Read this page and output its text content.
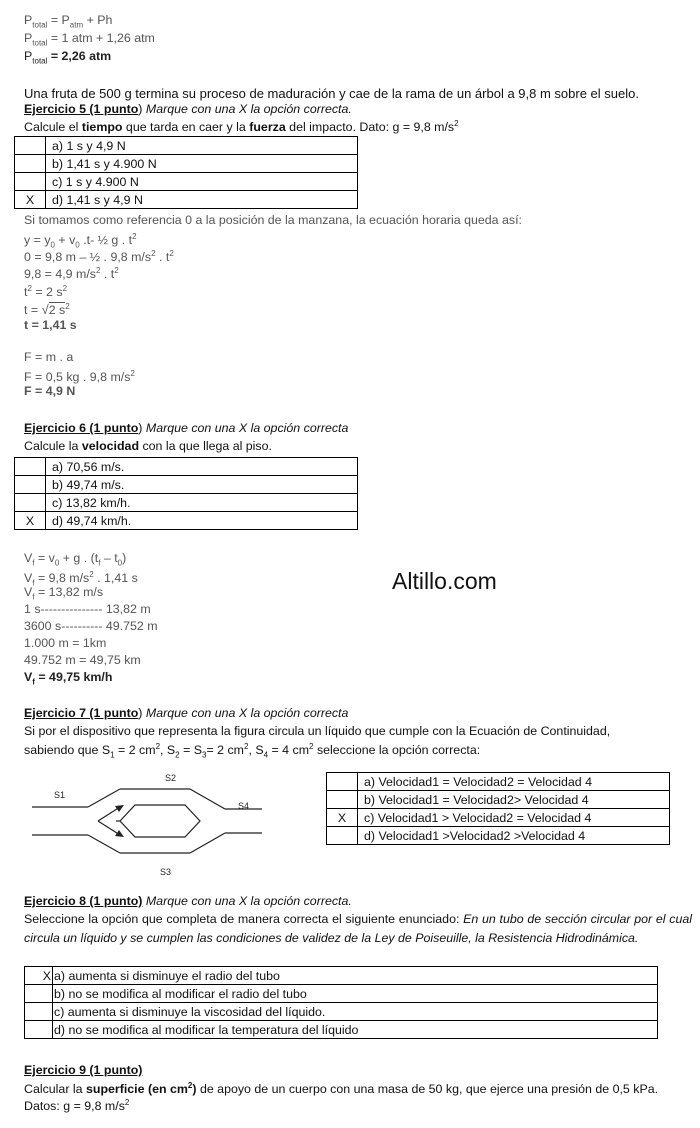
$P_{total} = P_{atm} + Ph$
$P_{total} = 1$ atm + 1,26 atm
$P_{total} = 2,26$ atm
Una fruta de 500 g termina su proceso de maduración y cae de la rama de un árbol a 9,8 m sobre el suelo.
Ejercicio 5 (1 punto) Marque con una X la opción correcta.
Calcule el tiempo que tarda en caer y la fuerza del impacto. Dato: g = 9,8 $m/s^2$
	a) 1 s y 4,9 N
	b) 1,41 s y 4.900 N
	c) 1 s y 4.900 N
X	d) 1,41 s y 4,9 N
Si tomamos como referencia 0 a la posición de la manzana, la ecuación horaria queda así:
$y = y_0 + v_0$ .t- ½ g . $t^2$
0 = 9,8 m – ½ . 9,8 $m/s^2$ . $t^2$
9,8 = 4,9 $m/s^2$ . $t^2$
$t^2 = 2$ $s^2$
t = √2 $s^2$
t = 1,41 s
F = m . a
F = 0,5 kg . 9,8 $m/s^2$
F = 4,9 N
Ejercicio 6 (1 punto) Marque con una X la opción correcta
Calcule la velocidad con la que llega al piso.
	a) 70,56 m/s.
	b) 49,74 m/s.
	c) 13,82 km/h.
X	d) 49,74 km/h.
$V_f = v_0 + g$ . $(t_f - t_0)$
$V_f = 9,8$ $m/s^2$ . 1,41 s
$V_f = 13,82$ m/s
1 s--------------- 13,82 m
3600 s---------- 49.752 m
1.000 m = 1km
49.752 m = 49,75 km
$V_f = 49,75$ km/h
Altillo.com
Ejercicio 7 (1 punto) Marque con una X la opción correcta
Si por el dispositivo que representa la figura circula un líquido que cumple con la Ecuación de Continuidad,
sabiendo que $S_1 = 2$ $cm^2$, $S_2 = S_3= 2$ $cm^2$, $S_4 = 4$ $cm^2$ seleccione la opción correcta:
S1
S2
S4
S3
	a) Velocidad1 = Velocidad2 = Velocidad 4
	b) Velocidad1 = Velocidad2> Velocidad 4
X	c) Velocidad1 > Velocidad2 = Velocidad 4
	d) Velocidad1 >Velocidad2 >Velocidad 4
Ejercicio 8 (1 punto) Marque con una X la opción correcta.
Seleccione la opción que completa de manera correcta el siguiente enunciado: En un tubo de sección circular por el cual circula un líquido y se cumplen las condiciones de validez de la Ley de Poiseuille, la Resistencia Hidrodinámica.
X	a) aumenta si disminuye el radio del tubo
	b) no se modifica al modificar el radio del tubo
	c) aumenta si disminuye la viscosidad del líquido.
	d) no se modifica al modificar la temperatura del líquido
Ejercicio 9 (1 punto)
Calcular la superficie (en $cm^2$) de apoyo de un cuerpo con una masa de 50 kg, que ejerce una presión de 0,5 kPa.
Datos: g = 9,8 $m/s^2$
